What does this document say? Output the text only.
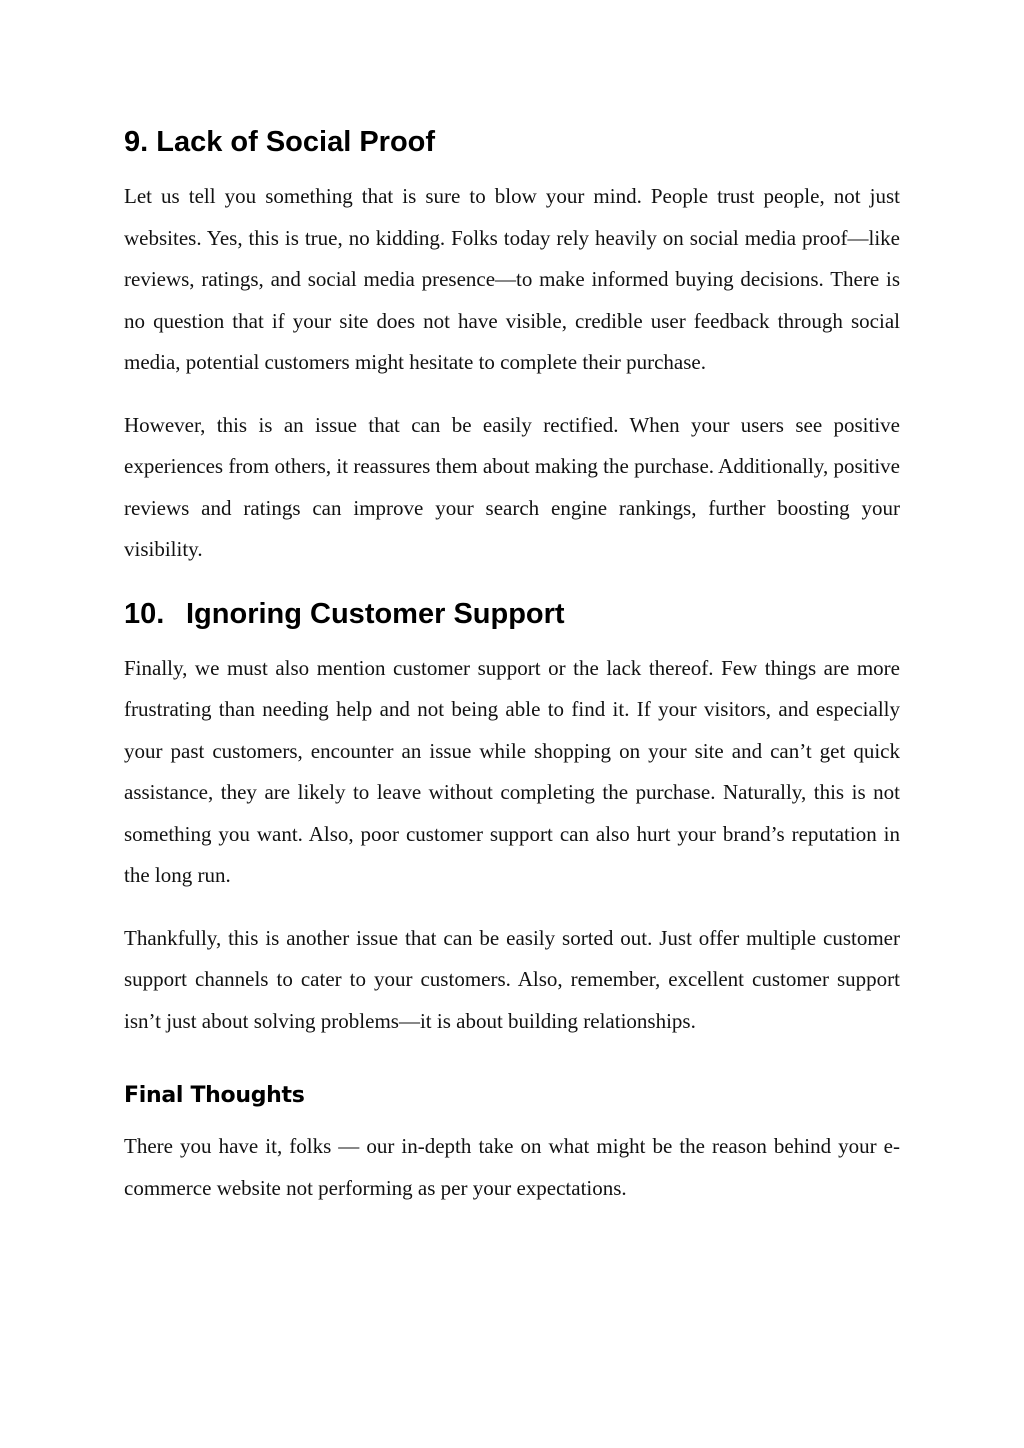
9. Lack of Social Proof

Let us tell you something that is sure to blow your mind. People trust people, not just websites. Yes, this is true, no kidding. Folks today rely heavily on social media proof—like reviews, ratings, and social media presence—to make informed buying decisions. There is no question that if your site does not have visible, credible user feedback through social media, potential customers might hesitate to complete their purchase.

However, this is an issue that can be easily rectified. When your users see positive experiences from others, it reassures them about making the purchase. Additionally, positive reviews and ratings can improve your search engine rankings, further boosting your visibility.

10. Ignoring Customer Support

Finally, we must also mention customer support or the lack thereof. Few things are more frustrating than needing help and not being able to find it. If your visitors, and especially your past customers, encounter an issue while shopping on your site and can’t get quick assistance, they are likely to leave without completing the purchase. Naturally, this is not something you want. Also, poor customer support can also hurt your brand’s reputation in the long run.

Thankfully, this is another issue that can be easily sorted out. Just offer multiple customer support channels to cater to your customers. Also, remember, excellent customer support isn’t just about solving problems—it is about building relationships.

Final Thoughts

There you have it, folks — our in-depth take on what might be the reason behind your e-commerce website not performing as per your expectations.
